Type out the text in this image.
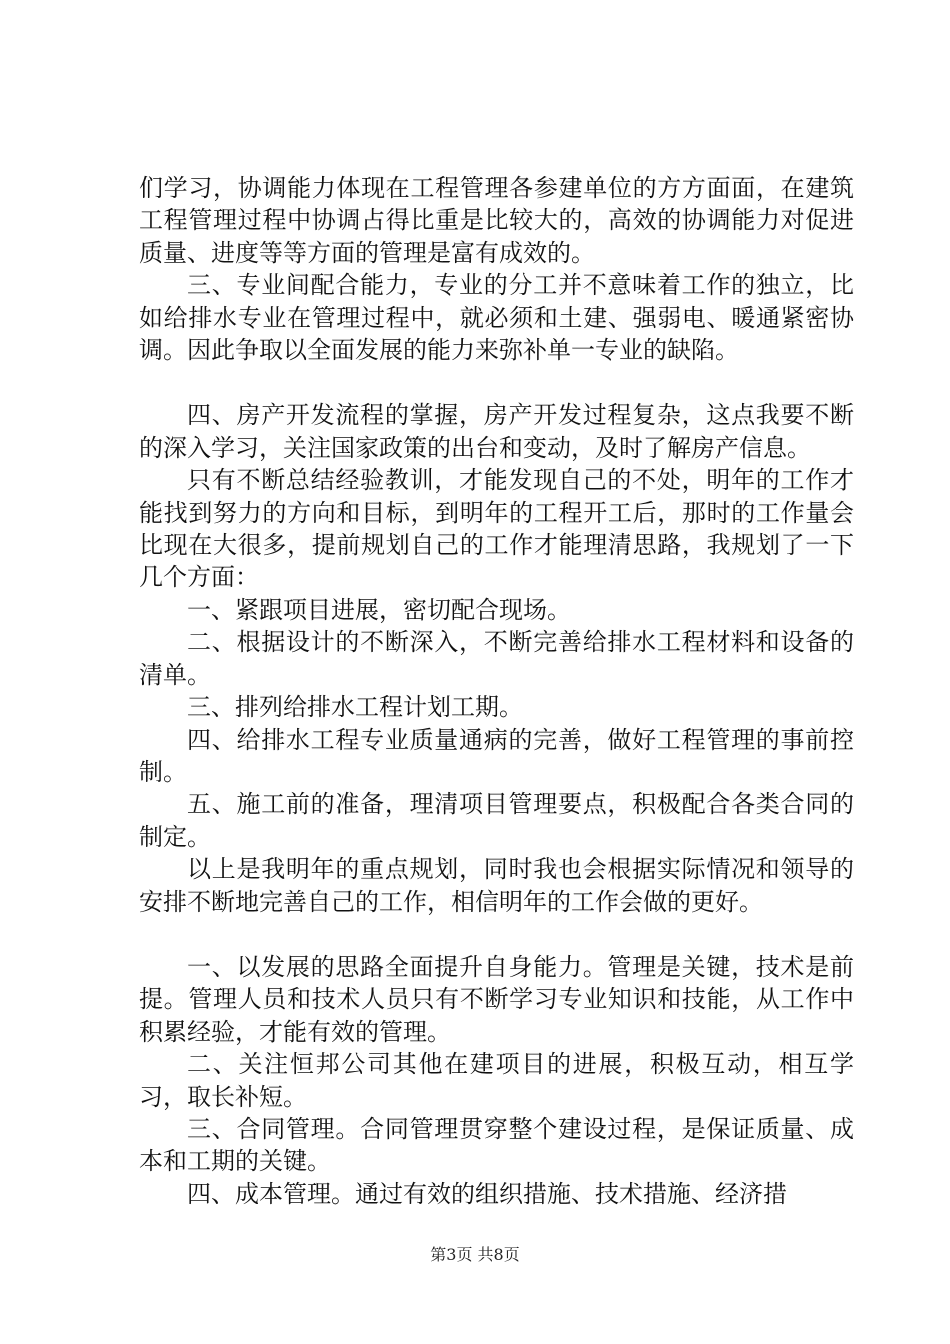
们学习，协调能力体现在工程管理各参建单位的方方面面，在建筑工程管理过程中协调占得比重是比较大的，高效的协调能力对促进质量、进度等等方面的管理是富有成效的。

三、专业间配合能力，专业的分工并不意味着工作的独立，比如给排水专业在管理过程中，就必须和土建、强弱电、暖通紧密协调。因此争取以全面发展的能力来弥补单一专业的缺陷。

四、房产开发流程的掌握，房产开发过程复杂，这点我要不断的深入学习，关注国家政策的出台和变动，及时了解房产信息。

只有不断总结经验教训，才能发现自己的不处，明年的工作才能找到努力的方向和目标，到明年的工程开工后，那时的工作量会比现在大很多，提前规划自己的工作才能理清思路，我规划了一下几个方面：

一、紧跟项目进展，密切配合现场。

二、根据设计的不断深入，不断完善给排水工程材料和设备的清单。

三、排列给排水工程计划工期。

四、给排水工程专业质量通病的完善，做好工程管理的事前控制。

五、施工前的准备，理清项目管理要点，积极配合各类合同的制定。

以上是我明年的重点规划，同时我也会根据实际情况和领导的安排不断地完善自己的工作，相信明年的工作会做的更好。

一、以发展的思路全面提升自身能力。管理是关键，技术是前提。管理人员和技术人员只有不断学习专业知识和技能，从工作中积累经验，才能有效的管理。

二、关注恒邦公司其他在建项目的进展，积极互动，相互学习，取长补短。

三、合同管理。合同管理贯穿整个建设过程，是保证质量、成本和工期的关键。

四、成本管理。通过有效的组织措施、技术措施、经济措

第3页 共8页
